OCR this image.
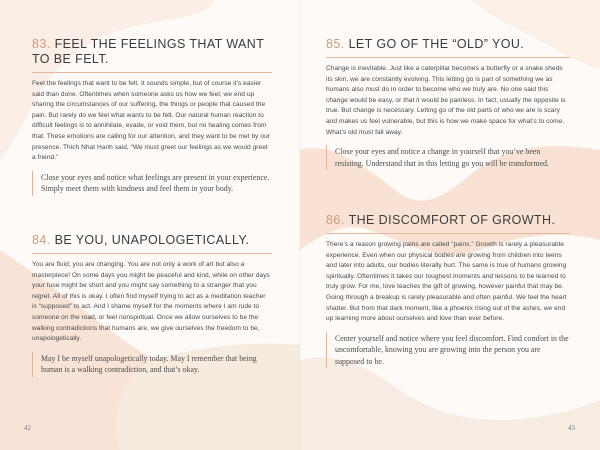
83. FEEL THE FEELINGS THAT WANT TO BE FELT.

Feel the feelings that want to be felt. It sounds simple, but of course it’s easier said than done. Oftentimes when someone asks us how we feel, we end up sharing the circumstances of our suffering, the things or people that caused the pain. But rarely do we feel what wants to be felt. Our natural human reaction to difficult feelings is to annihilate, evade, or void them, but no healing comes from that. These emotions are calling for our attention, and they want to be met by our presence. Thich Nhat Hanh said, “We must greet our feelings as we would greet a friend.”

Close your eyes and notice what feelings are present in your experience. Simply meet them with kindness and feel them in your body.

84. BE YOU, UNAPOLOGETICALLY.

You are fluid; you are changing. You are not only a work of art but also a masterpiece! On some days you might be peaceful and kind, while on other days your fuse might be short and you might say something to a stranger that you regret. All of this is okay. I often find myself trying to act as a meditation teacher is “supposed” to act. And I shame myself for the moments where I am rude to someone on the road, or feel nonspiritual. Once we allow ourselves to be the walking contradictions that humans are, we give ourselves the freedom to be, unapologetically.

May I be myself unapologetically today. May I remember that being human is a walking contradiction, and that’s okay.

42
85. LET GO OF THE “OLD” YOU.

Change is inevitable. Just like a caterpillar becomes a butterfly or a snake sheds its skin, we are constantly evolving. This letting go is part of something we as humans also must do in order to become who we truly are. No one said this change would be easy, or that it would be painless. In fact, usually the opposite is true. But change is necessary. Letting go of the old parts of who we are is scary and makes us feel vulnerable, but this is how we make space for what’s to come. What’s old must fall away.

Close your eyes and notice a change in yourself that you’ve been resisting. Understand that in this letting go you will be transformed.

86. THE DISCOMFORT OF GROWTH.

There’s a reason growing pains are called “pains.” Growth is rarely a pleasurable experience. Even when our physical bodies are growing from children into teens and later into adults, our bodies literally hurt. The same is true of humans growing spiritually. Oftentimes it takes our toughest moments and lessons to be learned to truly grow. For me, love teaches the gift of growing, however painful that may be. Going through a breakup is rarely pleasurable and often painful. We feel the heart shatter. But from that dark moment, like a phoenix rising out of the ashes, we end up learning more about ourselves and love than ever before.

Center yourself and notice where you feel discomfort. Find comfort in the uncomfortable, knowing you are growing into the person you are supposed to be.

43
